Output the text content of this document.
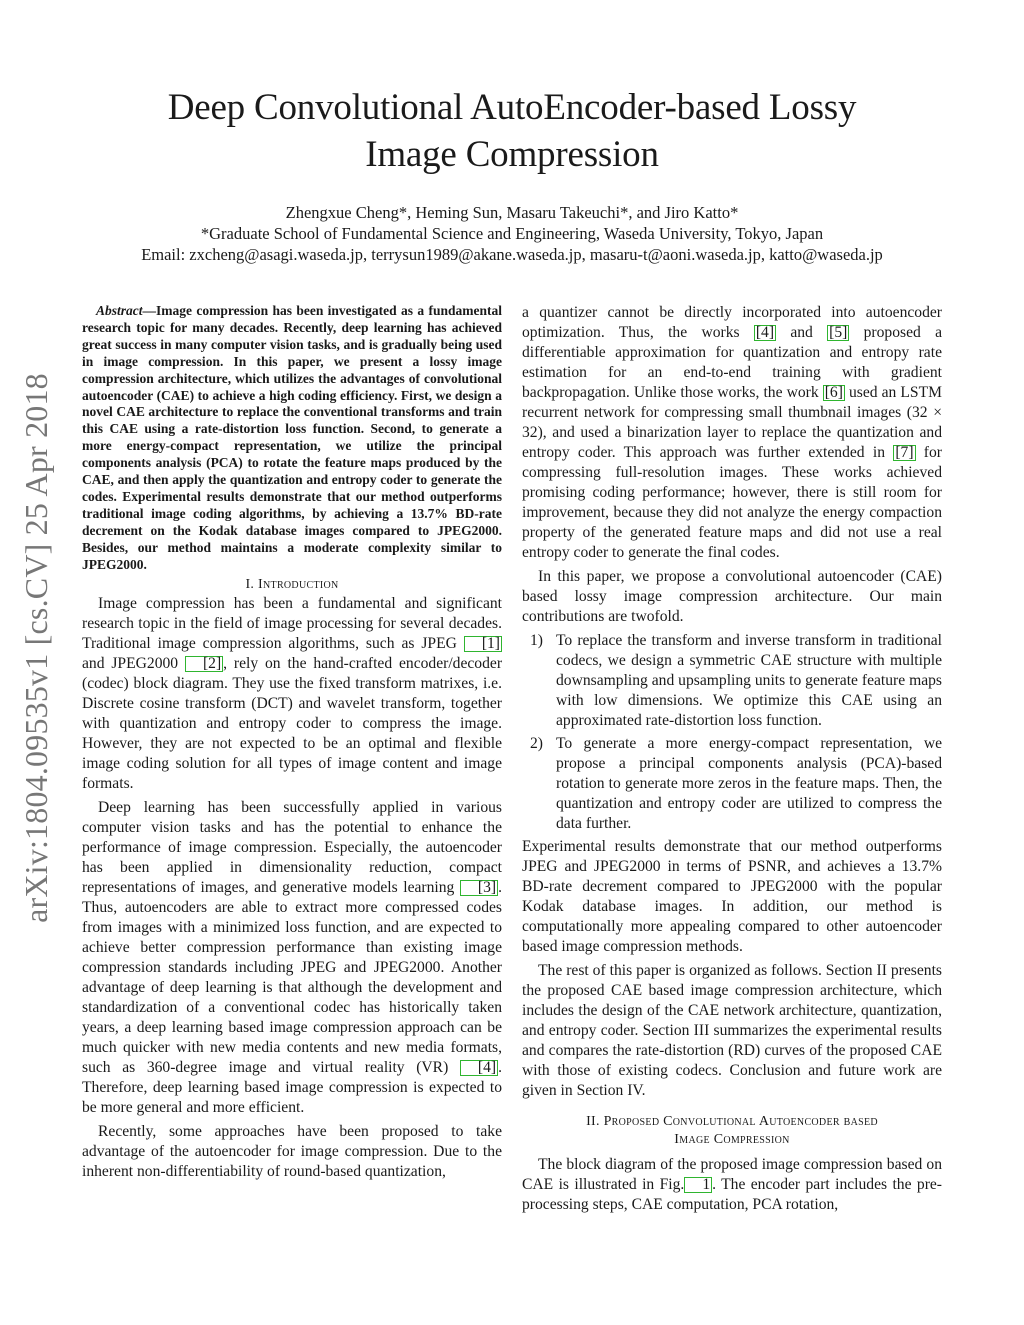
Deep Convolutional AutoEncoder-based Lossy
Image Compression
Zhengxue Cheng*, Heming Sun, Masaru Takeuchi*, and Jiro Katto*
*Graduate School of Fundamental Science and Engineering, Waseda University, Tokyo, Japan
Email: zxcheng@asagi.waseda.jp, terrysun1989@akane.waseda.jp, masaru-t@aoni.waseda.jp, katto@waseda.jp
arXiv:1804.09535v1 [cs.CV] 25 Apr 2018

Abstract—Image compression has been investigated as a fundamental research topic for many decades. Recently, deep learning has achieved great success in many computer vision tasks, and is gradually being used in image compression. In this paper, we present a lossy image compression architecture, which utilizes the advantages of convolutional autoencoder (CAE) to achieve a high coding efficiency. First, we design a novel CAE architecture to replace the conventional transforms and train this CAE using a rate-distortion loss function. Second, to generate a more energy-compact representation, we utilize the principal components analysis (PCA) to rotate the feature maps produced by the CAE, and then apply the quantization and entropy coder to generate the codes. Experimental results demonstrate that our method outperforms traditional image coding algorithms, by achieving a 13.7% BD-rate decrement on the Kodak database images compared to JPEG2000. Besides, our method maintains a moderate complexity similar to JPEG2000.

I. Introduction

Image compression has been a fundamental and significant research topic in the field of image processing for several decades. Traditional image compression algorithms, such as JPEG [1] and JPEG2000 [2] , rely on the hand-crafted encoder/decoder (codec) block diagram. They use the fixed transform matrixes, i.e. Discrete cosine transform (DCT) and wavelet transform, together with quantization and entropy coder to compress the image. However, they are not expected to be an optimal and flexible image coding solution for all types of image content and image formats.

Deep learning has been successfully applied in various computer vision tasks and has the potential to enhance the performance of image compression. Especially, the autoencoder has been applied in dimensionality reduction, compact representations of images, and generative models learning [3] . Thus, autoencoders are able to extract more compressed codes from images with a minimized loss function, and are expected to achieve better compression performance than existing image compression standards including JPEG and JPEG2000. Another advantage of deep learning is that although the development and standardization of a conventional codec has historically taken years, a deep learning based image compression approach can be much quicker with new media contents and new media formats, such as 360-degree image and virtual reality (VR) [4] . Therefore, deep learning based image compression is expected to be more general and more efficient.

Recently, some approaches have been proposed to take advantage of the autoencoder for image compression. Due to the inherent non-differentiability of round-based quantization,

a quantizer cannot be directly incorporated into autoencoder optimization. Thus, the works [4] and [5] proposed a differentiable approximation for quantization and entropy rate estimation for an end-to-end training with gradient backpropagation. Unlike those works, the work [6] used an LSTM recurrent network for compressing small thumbnail images (32 × 32), and used a binarization layer to replace the quantization and entropy coder. This approach was further extended in [7] for compressing full-resolution images. These works achieved promising coding performance; however, there is still room for improvement, because they did not analyze the energy compaction property of the generated feature maps and did not use a real entropy coder to generate the final codes.

In this paper, we propose a convolutional autoencoder (CAE) based lossy image compression architecture. Our main contributions are twofold.

1) To replace the transform and inverse transform in traditional codecs, we design a symmetric CAE structure with multiple downsampling and upsampling units to generate feature maps with low dimensions. We optimize this CAE using an approximated rate-distortion loss function.
2) To generate a more energy-compact representation, we propose a principal components analysis (PCA)-based rotation to generate more zeros in the feature maps. Then, the quantization and entropy coder are utilized to compress the data further.

Experimental results demonstrate that our method outperforms JPEG and JPEG2000 in terms of PSNR, and achieves a 13.7% BD-rate decrement compared to JPEG2000 with the popular Kodak database images. In addition, our method is computationally more appealing compared to other autoencoder based image compression methods.

The rest of this paper is organized as follows. Section II presents the proposed CAE based image compression architecture, which includes the design of the CAE network architecture, quantization, and entropy coder. Section III summarizes the experimental results and compares the rate-distortion (RD) curves of the proposed CAE with those of existing codecs. Conclusion and future work are given in Section IV.

II. Proposed Convolutional Autoencoder based
Image Compression

The block diagram of the proposed image compression based on CAE is illustrated in Fig. 1 . The encoder part includes the pre-processing steps, CAE computation, PCA rotation,
